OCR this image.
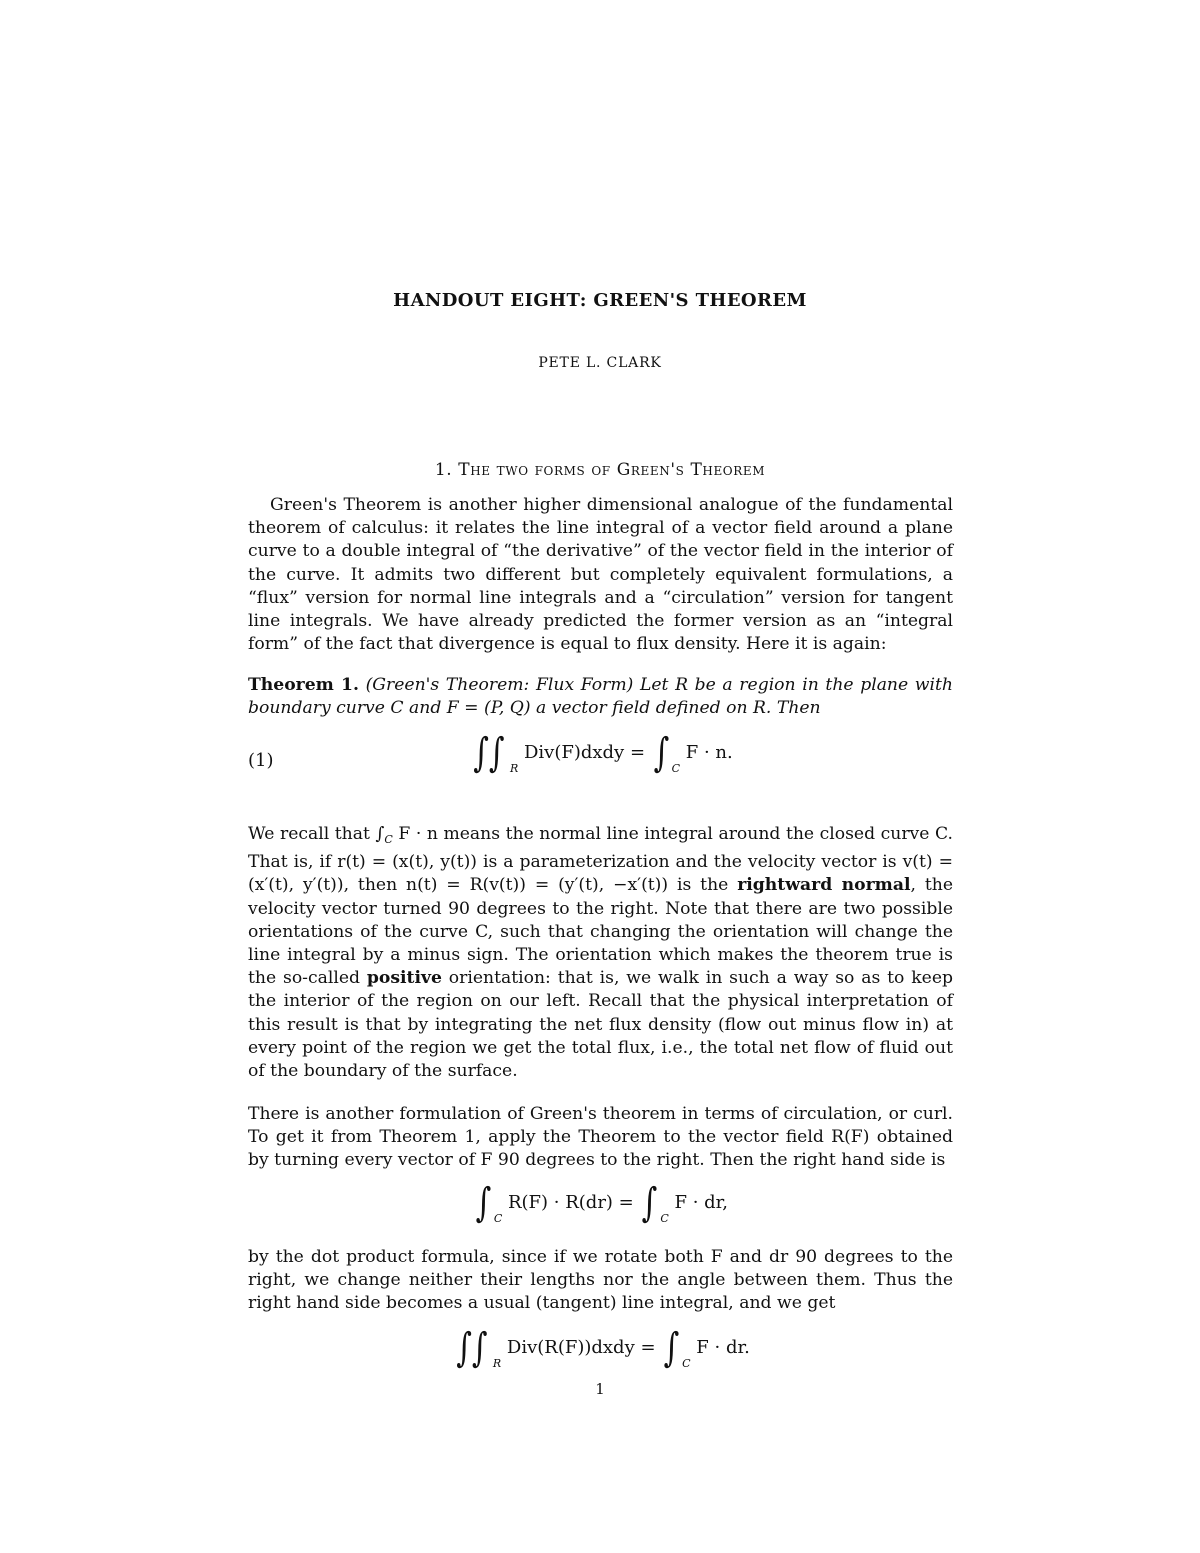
HANDOUT EIGHT: GREEN'S THEOREM
PETE L. CLARK
1. The two forms of Green's Theorem

Green's Theorem is another higher dimensional analogue of the fundamental theorem of calculus: it relates the line integral of a vector field around a plane curve to a double integral of “the derivative” of the vector field in the interior of the curve. It admits two different but completely equivalent formulations, a “flux” version for normal line integrals and a “circulation” version for tangent line integrals. We have already predicted the former version as an “integral form” of the fact that divergence is equal to flux density. Here it is again:

Theorem 1. (Green's Theorem: Flux Form) Let R be a region in the plane with boundary curve C and F = (P, Q) a vector field defined on R. Then

(1)	∫∫ $_R$ Div(F)dxdy = ∫ $_C$ F · n.

We recall that $\int_C$ F · n means the normal line integral around the closed curve C. That is, if r(t) = (x(t), y(t)) is a parameterization and the velocity vector is v(t) = (x′(t), y′(t)), then n(t) = R(v(t)) = (y′(t), −x′(t)) is the rightward normal, the velocity vector turned 90 degrees to the right. Note that there are two possible orientations of the curve C, such that changing the orientation will change the line integral by a minus sign. The orientation which makes the theorem true is the so-called positive orientation: that is, we walk in such a way so as to keep the interior of the region on our left. Recall that the physical interpretation of this result is that by integrating the net flux density (flow out minus flow in) at every point of the region we get the total flux, i.e., the total net flow of fluid out of the boundary of the surface.

There is another formulation of Green's theorem in terms of circulation, or curl. To get it from Theorem 1, apply the Theorem to the vector field R(F) obtained by turning every vector of F 90 degrees to the right. Then the right hand side is

∫ $_C$ R(F) · R(dr) = ∫ $_C$ F · dr,

by the dot product formula, since if we rotate both F and dr 90 degrees to the right, we change neither their lengths nor the angle between them. Thus the right hand side becomes a usual (tangent) line integral, and we get

∫∫ $_R$ Div(R(F))dxdy = ∫ $_C$ F · dr.
1
